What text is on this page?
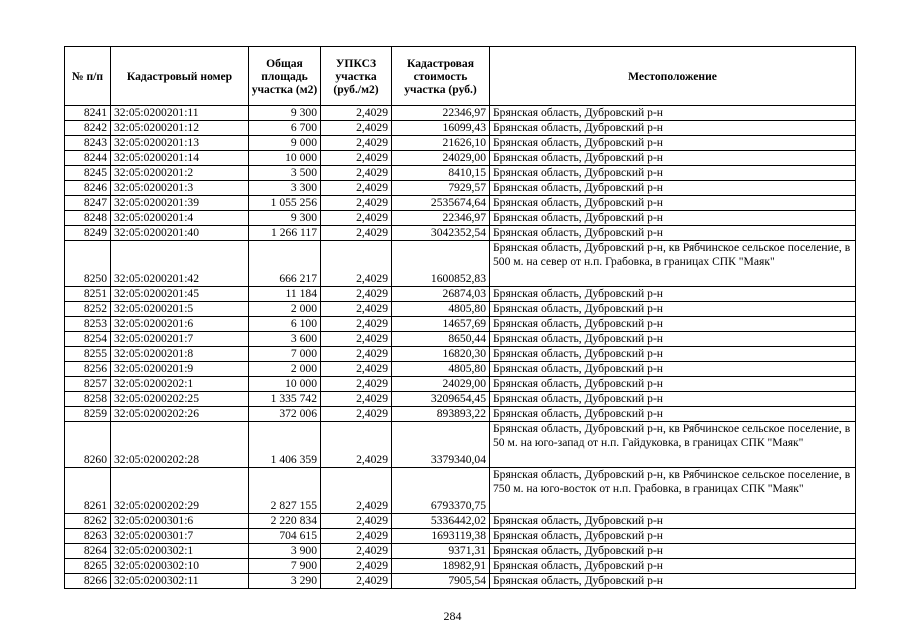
№ п/п	Кадастровый номер	Общая площадь участка (м2)	УПКСЗ участка (руб./м2)	Кадастровая стоимость участка (руб.)	Местоположение
8241	32:05:0200201:11	9 300	2,4029	22346,97	Брянская область, Дубровский р-н
8242	32:05:0200201:12	6 700	2,4029	16099,43	Брянская область, Дубровский р-н
8243	32:05:0200201:13	9 000	2,4029	21626,10	Брянская область, Дубровский р-н
8244	32:05:0200201:14	10 000	2,4029	24029,00	Брянская область, Дубровский р-н
8245	32:05:0200201:2	3 500	2,4029	8410,15	Брянская область, Дубровский р-н
8246	32:05:0200201:3	3 300	2,4029	7929,57	Брянская область, Дубровский р-н
8247	32:05:0200201:39	1 055 256	2,4029	2535674,64	Брянская область, Дубровский р-н
8248	32:05:0200201:4	9 300	2,4029	22346,97	Брянская область, Дубровский р-н
8249	32:05:0200201:40	1 266 117	2,4029	3042352,54	Брянская область, Дубровский р-н
8250	32:05:0200201:42	666 217	2,4029	1600852,83	Брянская область, Дубровский р-н, кв Рябчинское сельское поселение, в 500 м. на север от н.п. Грабовка, в границах СПК "Маяк"
8251	32:05:0200201:45	11 184	2,4029	26874,03	Брянская область, Дубровский р-н
8252	32:05:0200201:5	2 000	2,4029	4805,80	Брянская область, Дубровский р-н
8253	32:05:0200201:6	6 100	2,4029	14657,69	Брянская область, Дубровский р-н
8254	32:05:0200201:7	3 600	2,4029	8650,44	Брянская область, Дубровский р-н
8255	32:05:0200201:8	7 000	2,4029	16820,30	Брянская область, Дубровский р-н
8256	32:05:0200201:9	2 000	2,4029	4805,80	Брянская область, Дубровский р-н
8257	32:05:0200202:1	10 000	2,4029	24029,00	Брянская область, Дубровский р-н
8258	32:05:0200202:25	1 335 742	2,4029	3209654,45	Брянская область, Дубровский р-н
8259	32:05:0200202:26	372 006	2,4029	893893,22	Брянская область, Дубровский р-н
8260	32:05:0200202:28	1 406 359	2,4029	3379340,04	Брянская область, Дубровский р-н, кв Рябчинское сельское поселение, в 50 м. на юго-запад от н.п. Гайдуковка, в границах СПК "Маяк"
8261	32:05:0200202:29	2 827 155	2,4029	6793370,75	Брянская область, Дубровский р-н, кв Рябчинское сельское поселение, в 750 м. на юго-восток от н.п. Грабовка, в границах СПК "Маяк"
8262	32:05:0200301:6	2 220 834	2,4029	5336442,02	Брянская область, Дубровский р-н
8263	32:05:0200301:7	704 615	2,4029	1693119,38	Брянская область, Дубровский р-н
8264	32:05:0200302:1	3 900	2,4029	9371,31	Брянская область, Дубровский р-н
8265	32:05:0200302:10	7 900	2,4029	18982,91	Брянская область, Дубровский р-н
8266	32:05:0200302:11	3 290	2,4029	7905,54	Брянская область, Дубровский р-н
284
